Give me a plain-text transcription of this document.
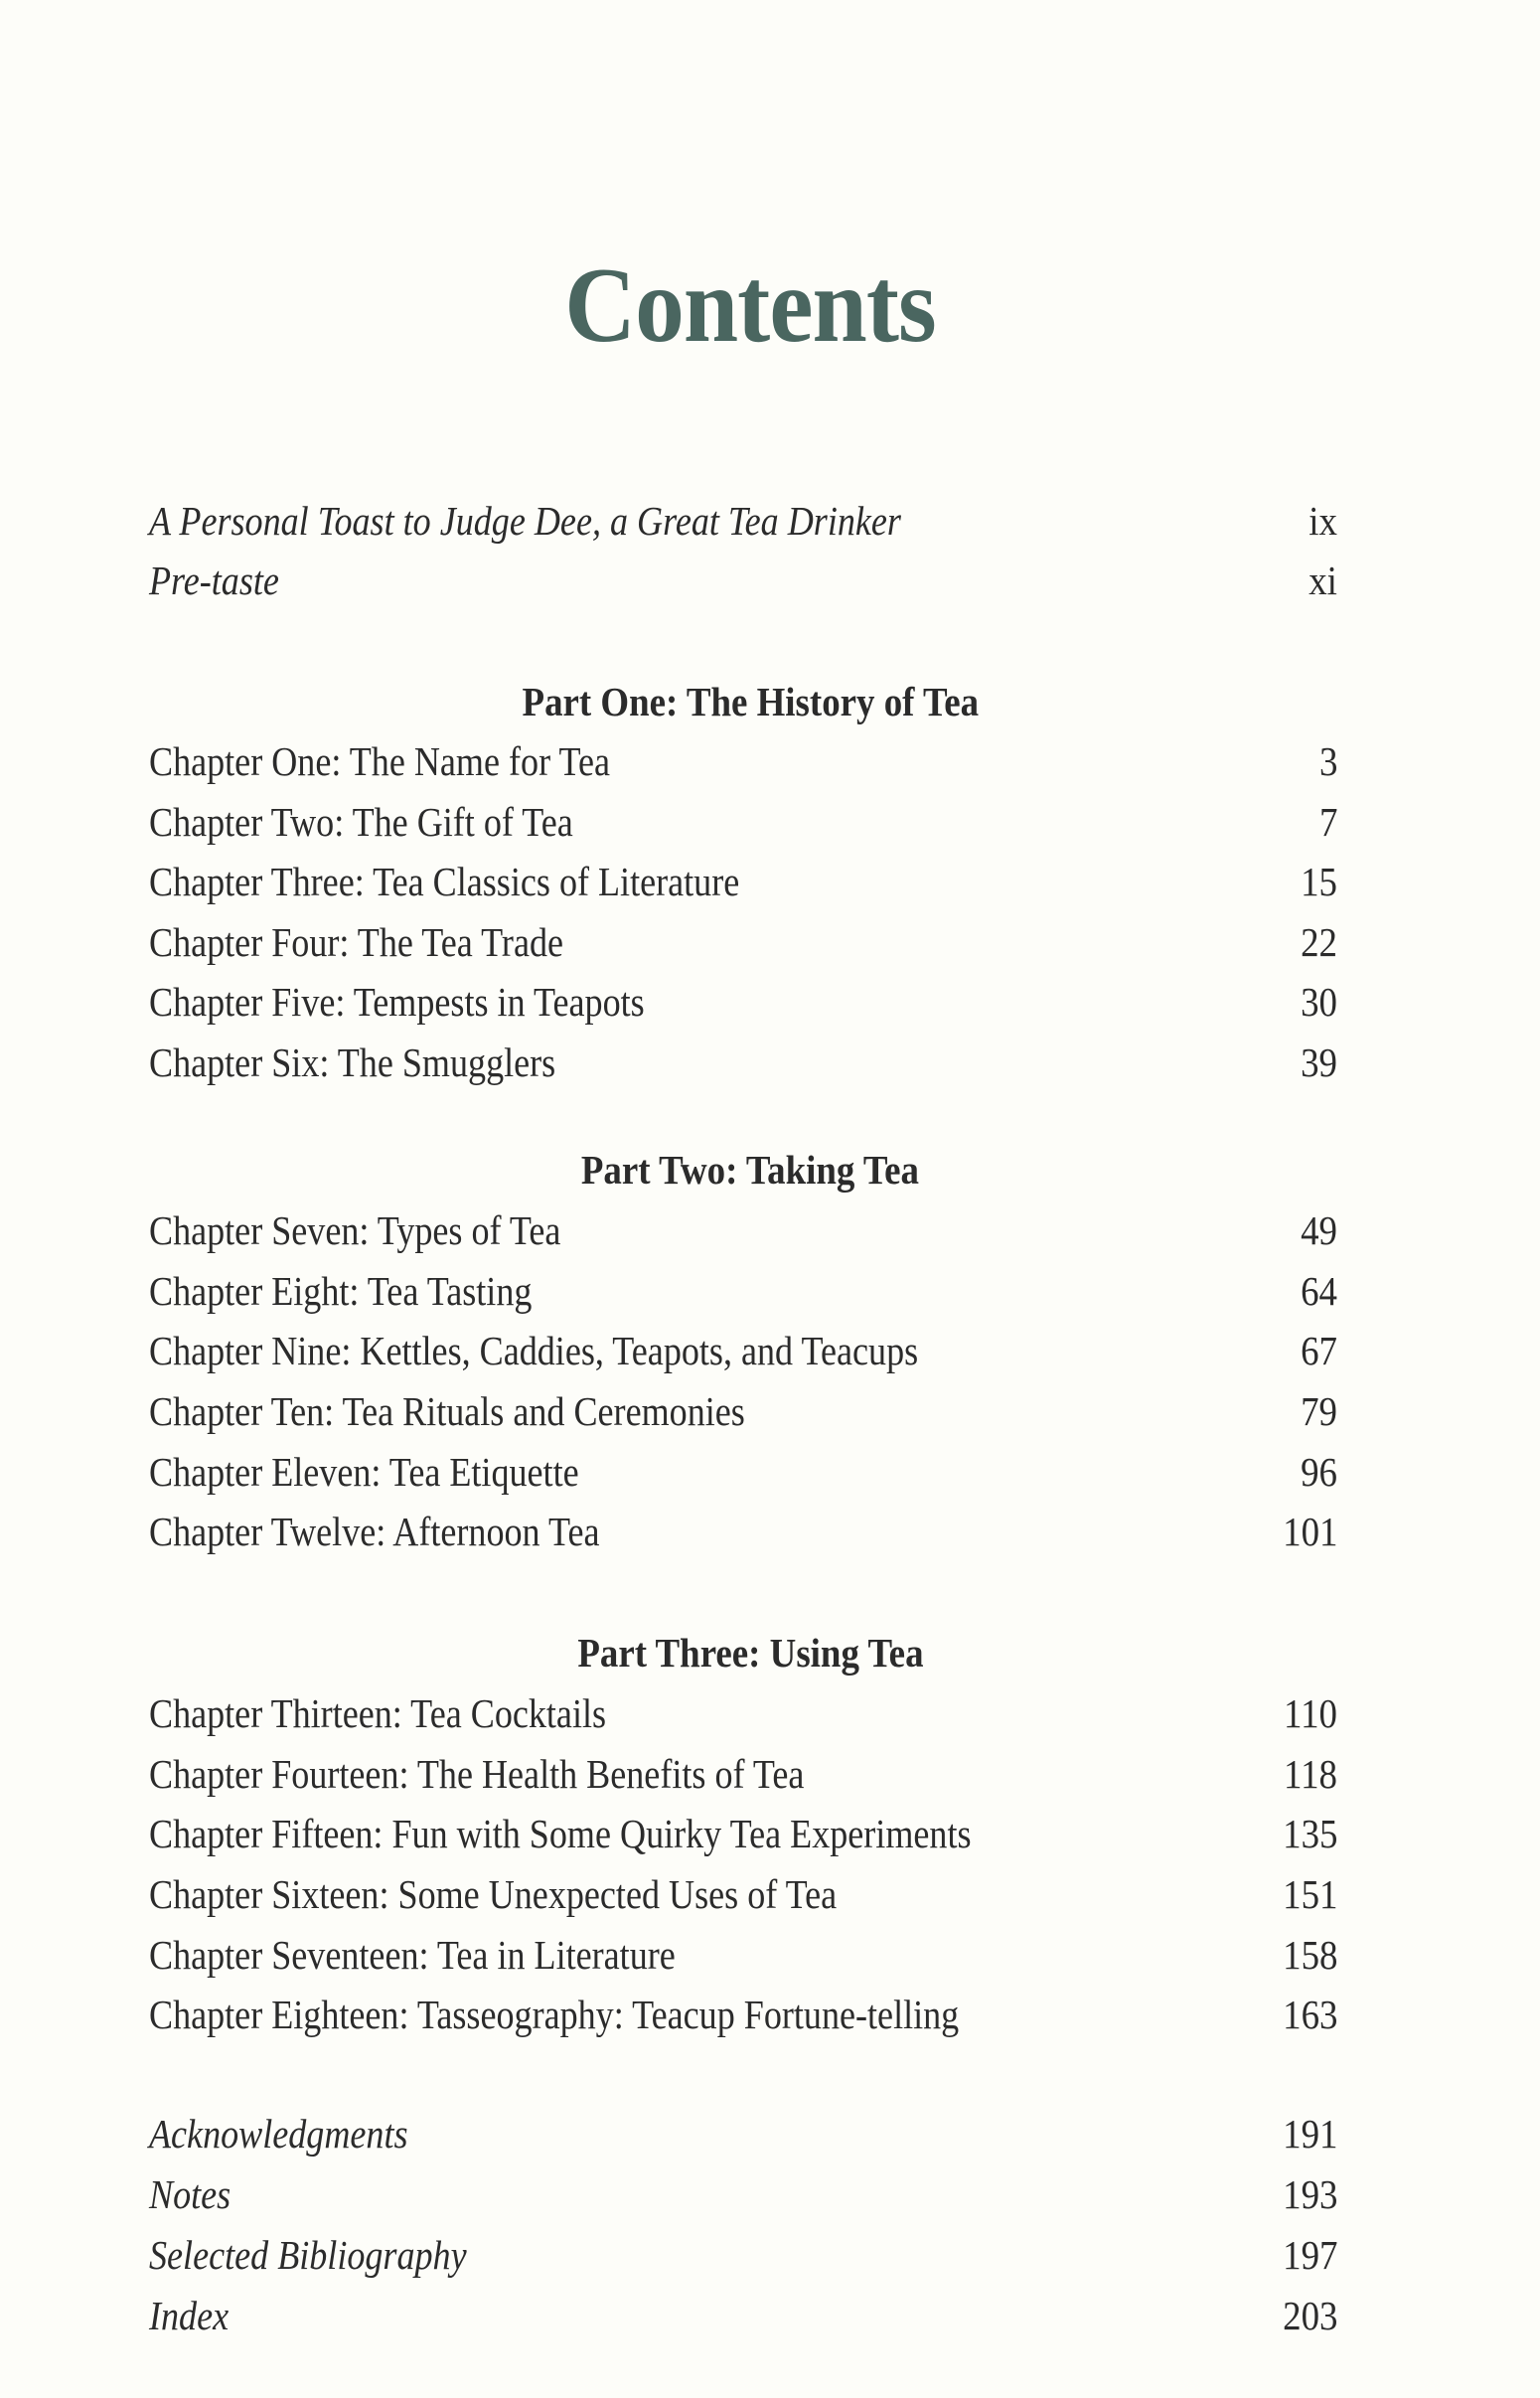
Contents
A Personal Toast to Judge Dee, a Great Tea Drinker	ix
Pre-taste	xi
Part One: The History of Tea
Chapter One: The Name for Tea	3
Chapter Two: The Gift of Tea	7
Chapter Three: Tea Classics of Literature	15
Chapter Four: The Tea Trade	22
Chapter Five: Tempests in Teapots	30
Chapter Six: The Smugglers	39
Part Two: Taking Tea
Chapter Seven: Types of Tea	49
Chapter Eight: Tea Tasting	64
Chapter Nine: Kettles, Caddies, Teapots, and Teacups	67
Chapter Ten: Tea Rituals and Ceremonies	79
Chapter Eleven: Tea Etiquette	96
Chapter Twelve: Afternoon Tea	101
Part Three: Using Tea
Chapter Thirteen: Tea Cocktails	110
Chapter Fourteen: The Health Benefits of Tea	118
Chapter Fifteen: Fun with Some Quirky Tea Experiments	135
Chapter Sixteen: Some Unexpected Uses of Tea	151
Chapter Seventeen: Tea in Literature	158
Chapter Eighteen: Tasseography: Teacup Fortune-telling	163
Acknowledgments	191
Notes	193
Selected Bibliography	197
Index	203
